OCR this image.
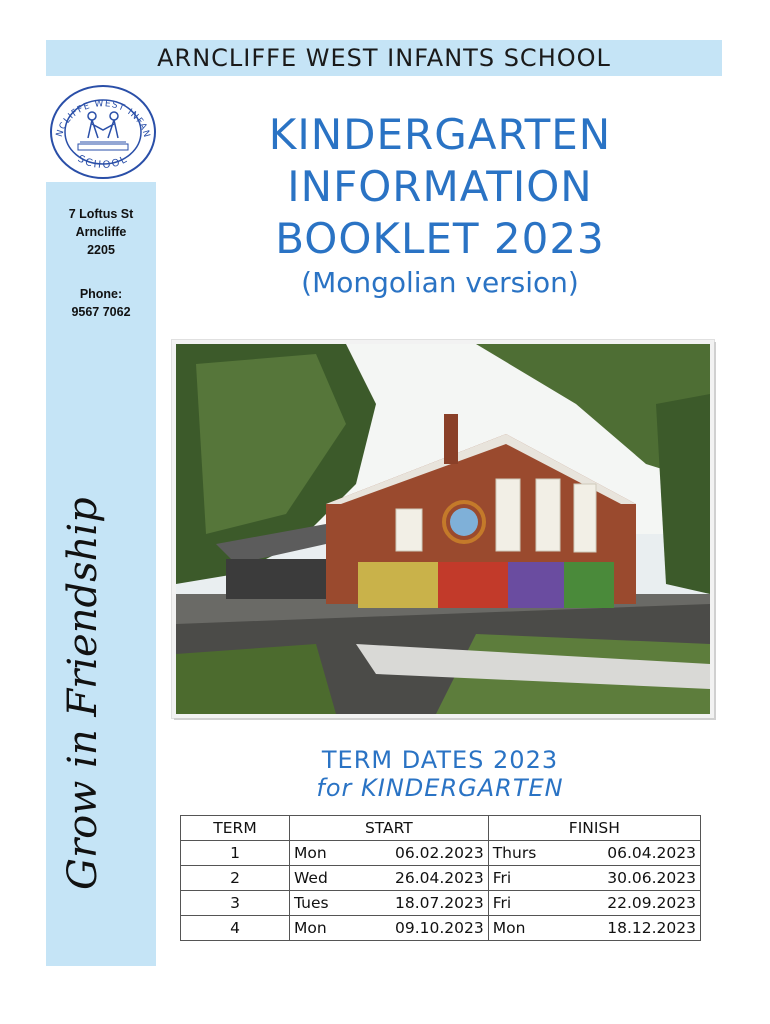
ARNCLIFFE WEST INFANTS SCHOOL
NCLIFFE WEST INFAN
SCHOOL
7 Loftus St
Arncliffe
2205
Phone:
9567 7062
Grow in Friendship
KINDERGARTEN
INFORMATION
BOOKLET 2023
(Mongolian version)
TERM DATES 2023
for KINDERGARTEN
TERM	START	FINISH
1	Mon 06.02.2023	Thurs 06.04.2023

2	Wed 26.04.2023	Fri 30.06.2023

3	Tues 18.07.2023	Fri 22.09.2023

4	Mon 09.10.2023	Mon 18.12.2023
